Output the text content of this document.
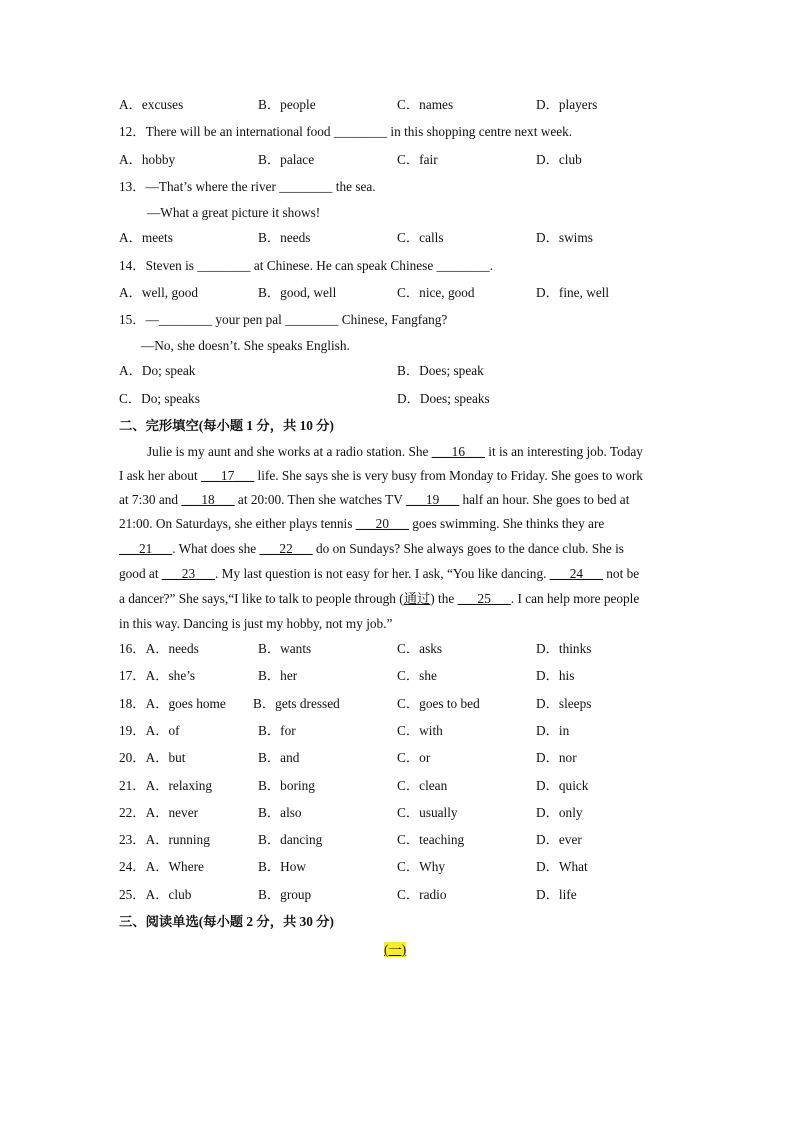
A．excuses	B．people	C．names	D．players
12．There will be an international food ________ in this shopping centre next week.
A．hobby	B．palace	C．fair	D．club
13．—That’s where the river ________ the sea.
—What a great picture it shows!
A．meets	B．needs	C．calls	D．swims
14．Steven is ________ at Chinese. He can speak Chinese ________.
A．well, good	B．good, well	C．nice, good	D．fine, well
15．—________ your pen pal ________ Chinese, Fangfang?
—No, she doesn’t. She speaks English.
A．Do; speak	B．Does; speak
C．Do; speaks	D．Does; speaks
二、完形填空(每小题 1 分，共 10 分)
Julie is my aunt and she works at a radio station. She ___16___ it is an interesting job. Today
I ask her about ___17___ life. She says she is very busy from Monday to Friday. She goes to work
at 7:30 and ___18___ at 20:00. Then she watches TV ___19___ half an hour. She goes to bed at
21:00. On Saturdays, she either plays tennis ___20___ goes swimming. She thinks they are
___21___. What does she ___22___ do on Sundays? She always goes to the dance club. She is
good at ___23___. My last question is not easy for her. I ask, “You like dancing. ___24___ not be
a dancer?” She says,“I like to talk to people through (通过) the ___25___. I can help more people
in this way. Dancing is just my hobby, not my job.”
16．A．needs	B．wants	C．asks	D．thinks
17．A．she’s	B．her	C．she	D．his
18．A．goes home B．gets dressed	C．goes to bed	D．sleeps
19．A．of	B．for	C．with	D．in
20．A．but	B．and	C．or	D．nor
21．A．relaxing	B．boring	C．clean	D．quick
22．A．never	B．also	C．usually	D．only
23．A．running	B．dancing	C．teaching	D．ever
24．A．Where	B．How	C．Why	D．What
25．A．club	B．group	C．radio	D．life
三、阅读单选(每小题 2 分，共 30 分)
(一)
